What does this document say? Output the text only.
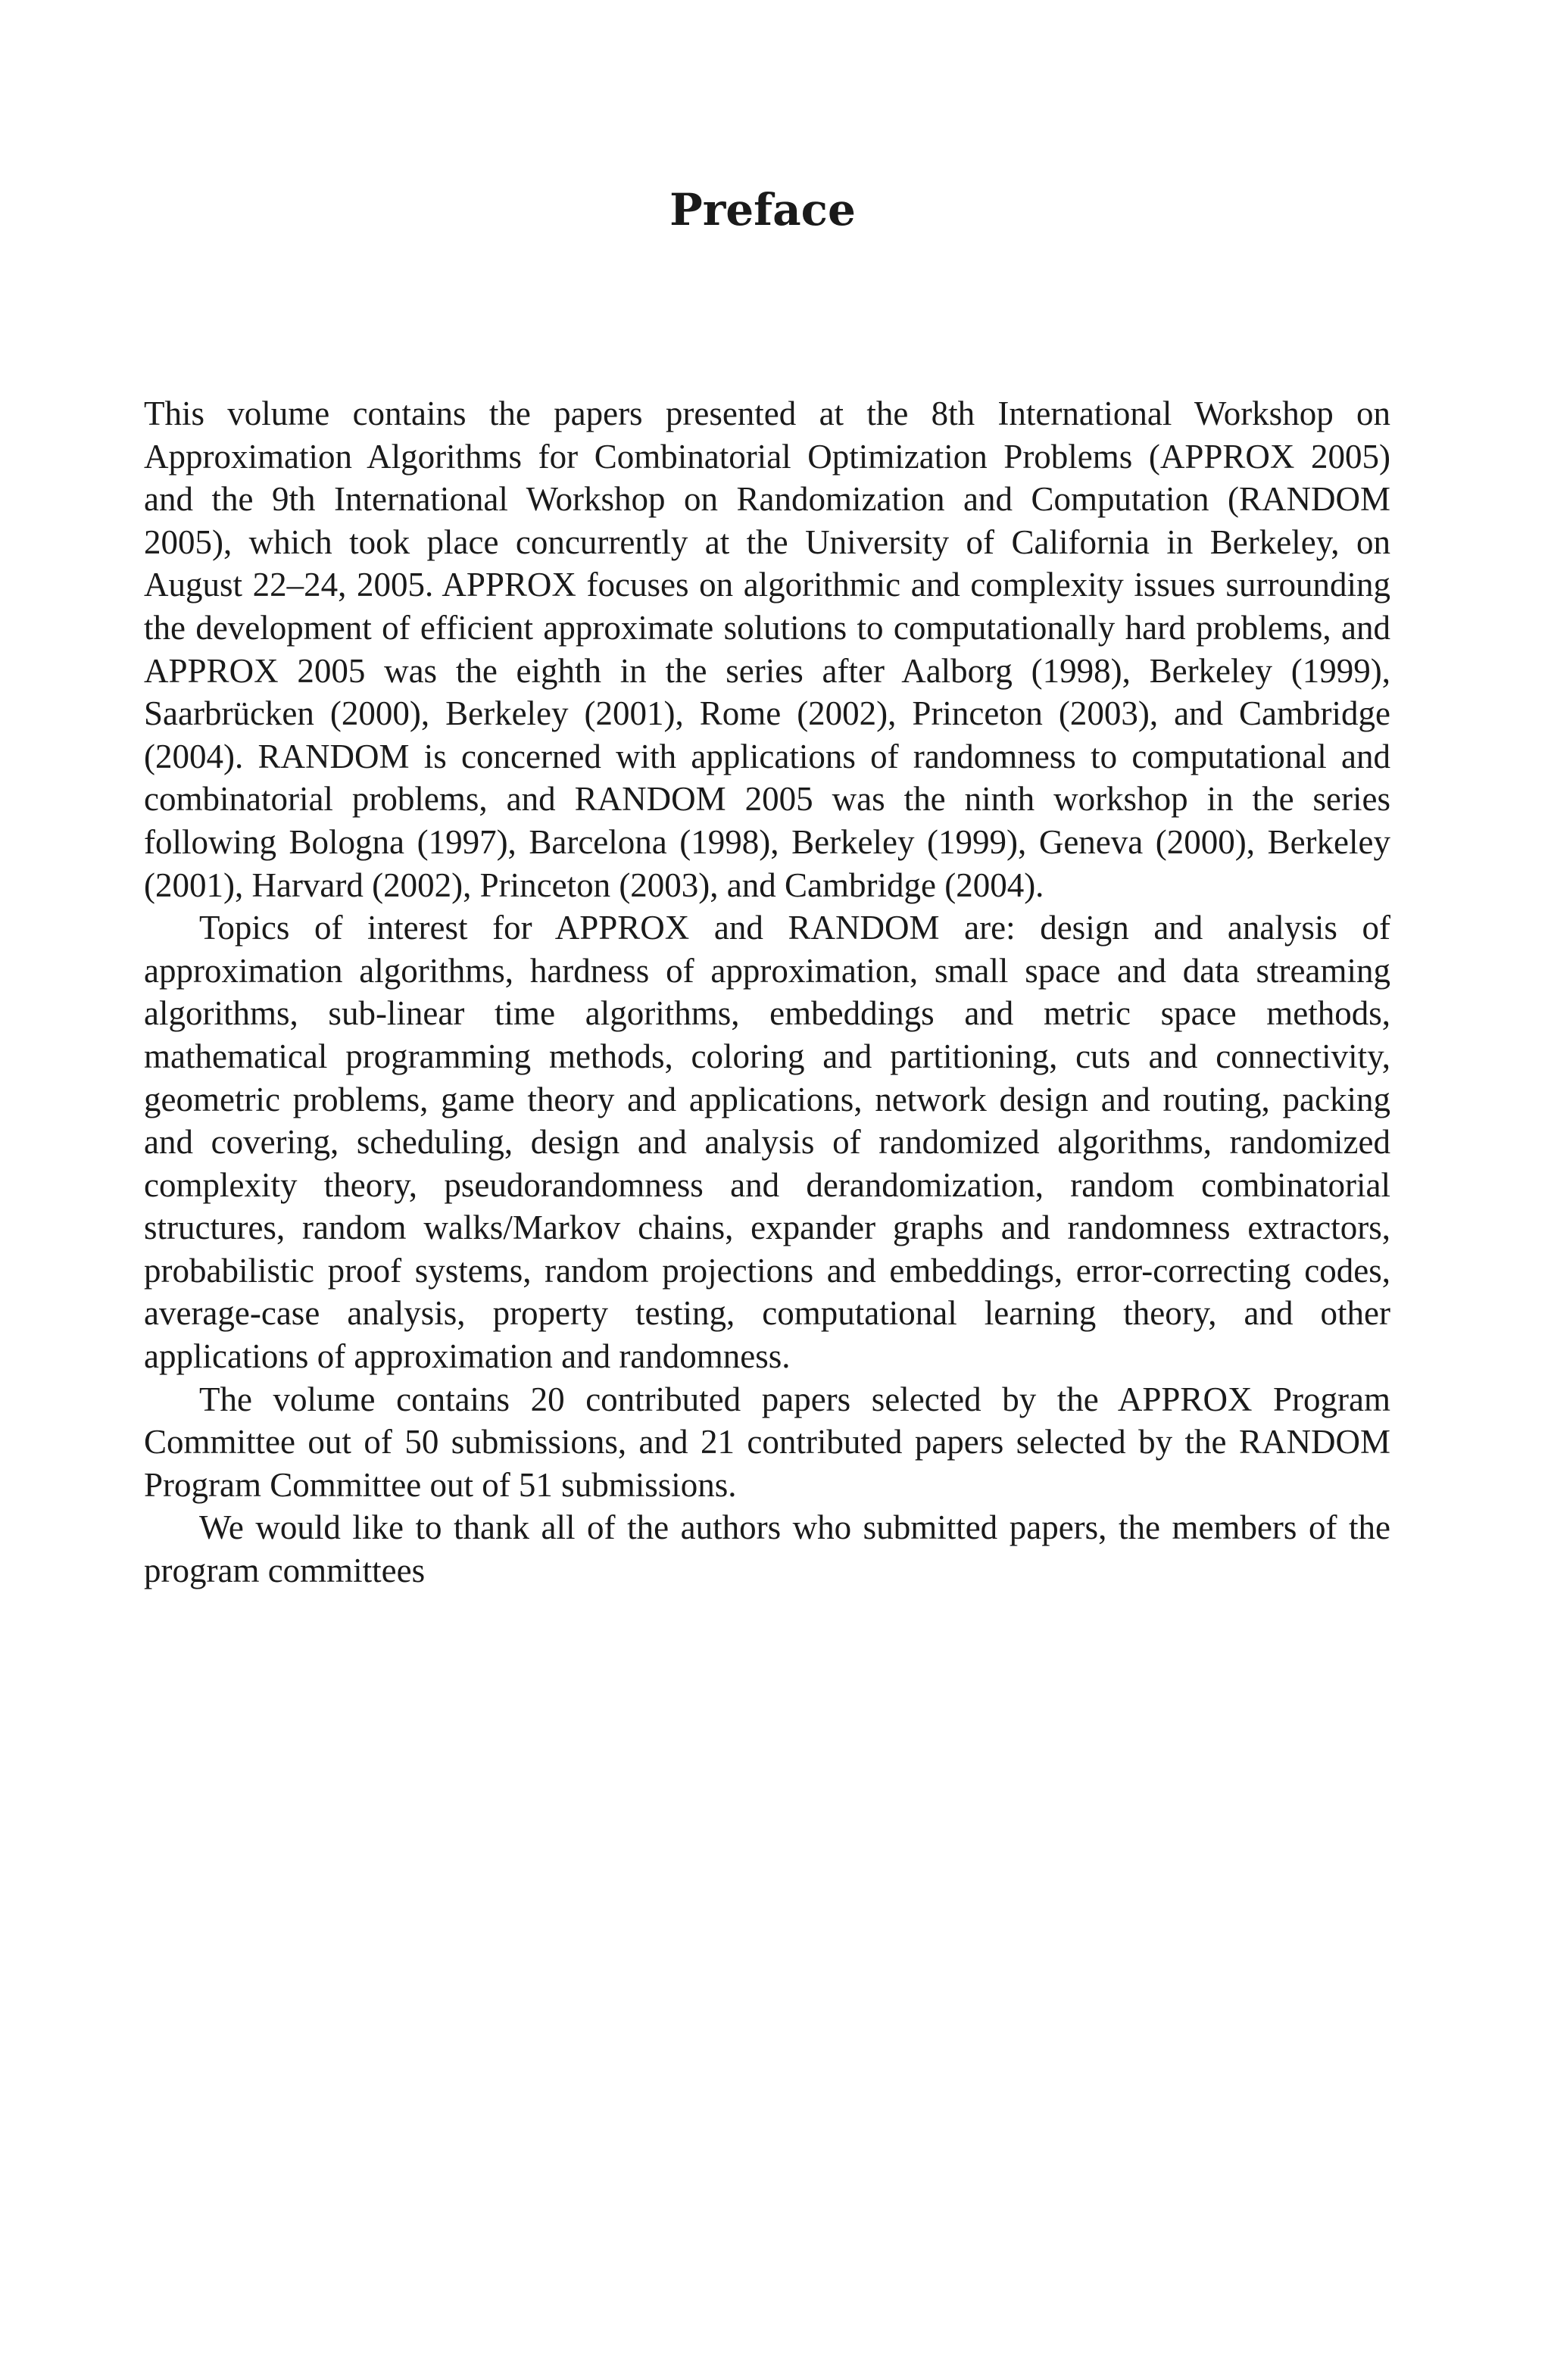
Preface

This volume contains the papers presented at the 8th International Workshop on Approximation Algorithms for Combinatorial Optimization Problems (APPROX 2005) and the 9th International Workshop on Randomization and Computation (RANDOM 2005), which took place concurrently at the University of California in Berkeley, on August 22–24, 2005. APPROX focuses on algorithmic and complexity issues surrounding the development of efficient approximate solutions to computationally hard problems, and APPROX 2005 was the eighth in the series after Aalborg (1998), Berkeley (1999), Saarbrücken (2000), Berkeley (2001), Rome (2002), Princeton (2003), and Cambridge (2004). RANDOM is concerned with applications of randomness to computational and combinatorial problems, and RANDOM 2005 was the ninth workshop in the series following Bologna (1997), Barcelona (1998), Berkeley (1999), Geneva (2000), Berkeley (2001), Harvard (2002), Princeton (2003), and Cambridge (2004).

Topics of interest for APPROX and RANDOM are: design and analysis of approximation algorithms, hardness of approximation, small space and data streaming algorithms, sub-linear time algorithms, embeddings and metric space methods, mathematical programming methods, coloring and partitioning, cuts and connectivity, geometric problems, game theory and applications, network design and routing, packing and covering, scheduling, design and analysis of randomized algorithms, randomized complexity theory, pseudorandomness and derandomization, random combinatorial structures, random walks/Markov chains, expander graphs and randomness extractors, probabilistic proof systems, random projections and embeddings, error-correcting codes, average-case analysis, property testing, computational learning theory, and other applications of approximation and randomness.

The volume contains 20 contributed papers selected by the APPROX Program Committee out of 50 submissions, and 21 contributed papers selected by the RANDOM Program Committee out of 51 submissions.

We would like to thank all of the authors who submitted papers, the members of the program committees
